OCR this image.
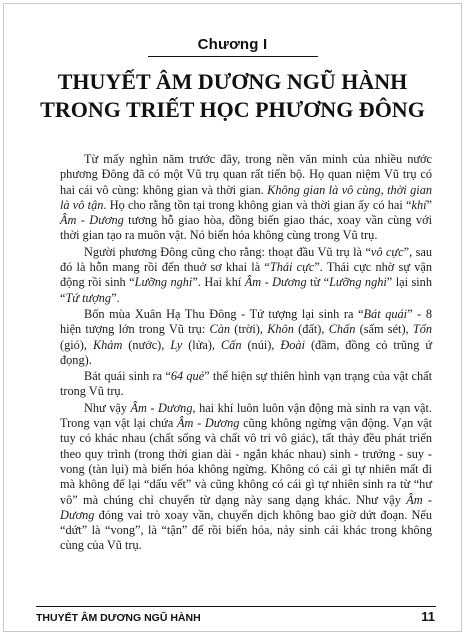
Chương I
THUYẾT ÂM DƯƠNG NGŨ HÀNH
TRONG TRIẾT HỌC PHƯƠNG ĐÔNG

Từ mấy nghìn năm trước đây, trong nền văn minh của nhiều nước phương Đông đã có một Vũ trụ quan rất tiến bộ. Họ quan niệm Vũ trụ có hai cái vô cùng: không gian và thời gian. Không gian là vô cùng, thời gian là vô tận. Họ cho rằng tồn tại trong không gian và thời gian ấy có hai “khí” Âm - Dương tương hỗ giao hòa, đồng biến giao thác, xoay vần cùng với thời gian tạo ra muôn vật. Nó biến hóa không cùng trong Vũ trụ.

Người phương Đông cũng cho rằng: thoạt đầu Vũ trụ là “vô cực”, sau đó là hỗn mang rồi đến thuở sơ khai là “Thái cực”. Thái cực nhờ sự vận động rồi sinh “Lưỡng nghi”. Hai khí Âm - Dương từ “Lưỡng nghi” lại sinh “Tứ tượng”.

Bốn mùa Xuân Hạ Thu Đông - Tứ tượng lại sinh ra “Bát quái” - 8 hiện tượng lớn trong Vũ trụ: Càn (trời), Khôn (đất), Chấn (sấm sét), Tốn (gió), Khảm (nước), Ly (lửa), Cấn (núi), Đoài (đầm, đồng cỏ trũng ứ đọng).

Bát quái sinh ra “64 quẻ” thể hiện sự thiên hình vạn trạng của vật chất trong Vũ trụ.

Như vậy Âm - Dương, hai khí luôn luôn vận động mà sinh ra vạn vật. Trong vạn vật lại chứa Âm - Dương cũng không ngừng vận động. Vạn vật tuy có khác nhau (chất sống và chất vô tri vô giác), tất thảy đều phát triển theo quy trình (trong thời gian dài - ngắn khác nhau) sinh - trưởng - suy - vong (tàn lụi) mà biến hóa không ngừng. Không có cái gì tự nhiên mất đi mà không để lại “dấu vết” và cũng không có cái gì tự nhiên sinh ra từ “hư vô” mà chúng chỉ chuyển từ dạng này sang dạng khác. Như vậy Âm - Dương đóng vai trò xoay vần, chuyển dịch không bao giờ dứt đoạn. Nếu “dứt” là “vong”, là “tận” để rồi biến hóa, nảy sinh cái khác trong không cùng của Vũ trụ.

THUYẾT ÂM DƯƠNG NGŨ HÀNH	11
